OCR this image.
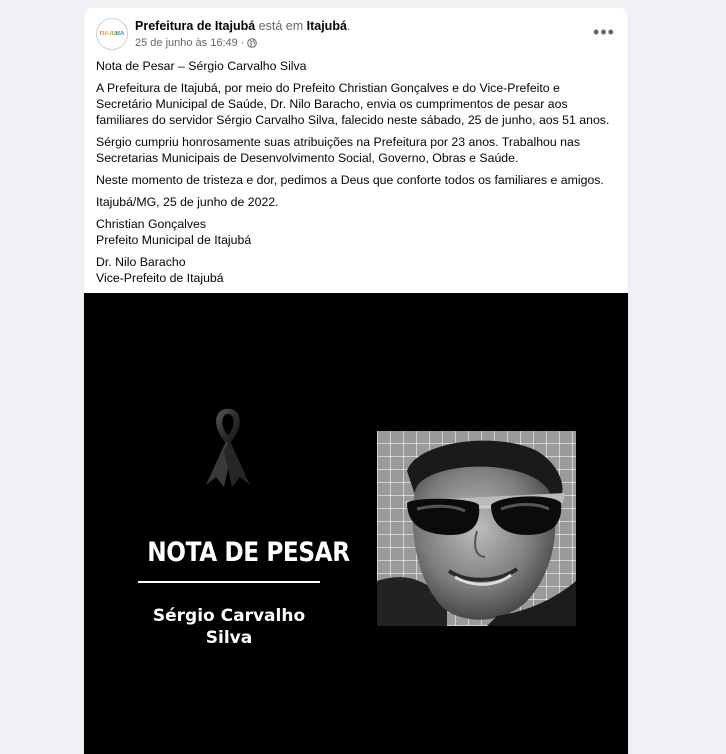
ITAJUBÁ
Prefeitura de Itajubá está em Itajubá.
25 de junho às 16:49 ·
•••

Nota de Pesar – Sérgio Carvalho Silva

A Prefeitura de Itajubá, por meio do Prefeito Christian Gonçalves e do Vice-Prefeito e Secretário Municipal de Saúde, Dr. Nilo Baracho, envia os cumprimentos de pesar aos familiares do servidor Sérgio Carvalho Silva, falecido neste sábado, 25 de junho, aos 51 anos.

Sérgio cumpriu honrosamente suas atribuições na Prefeitura por 23 anos. Trabalhou nas Secretarias Municipais de Desenvolvimento Social, Governo, Obras e Saúde.

Neste momento de tristeza e dor, pedimos a Deus que conforte todos os familiares e amigos.

Itajubá/MG, 25 de junho de 2022.

Christian Gonçalves
Prefeito Municipal de Itajubá

Dr. Nilo Baracho
Vice-Prefeito de Itajubá

NOTA DE PESAR
Sérgio Carvalho
Silva
